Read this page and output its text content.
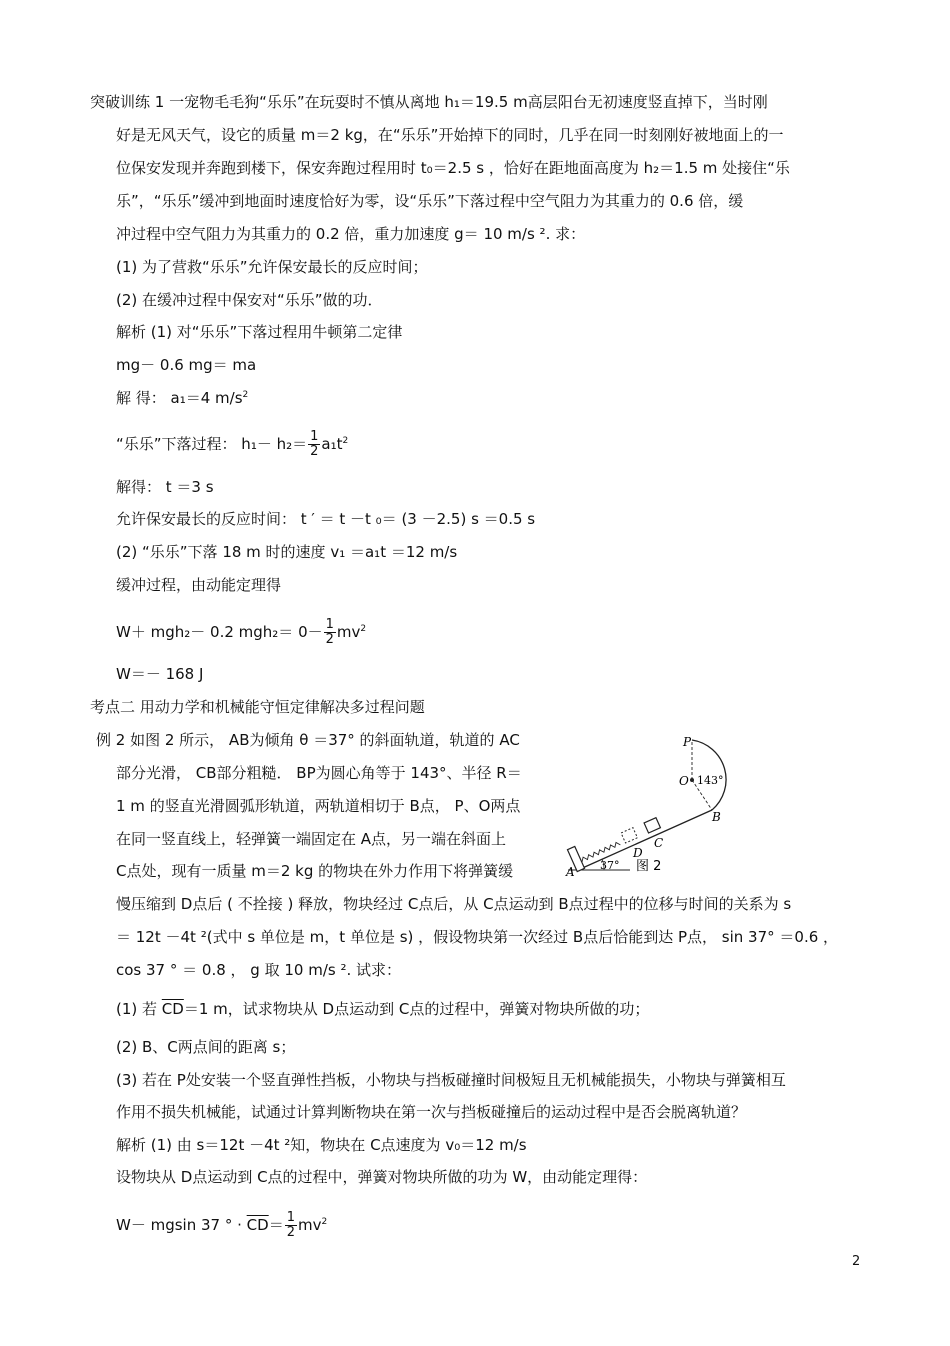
突破训练 1 一宠物毛毛狗“乐乐”在玩耍时不慎从离地 h₁＝19.5 m高层阳台无初速度竖直掉下，当时刚
好是无风天气，设它的质量 m＝2 kg，在“乐乐”开始掉下的同时，几乎在同一时刻刚好被地面上的一
位保安发现并奔跑到楼下，保安奔跑过程用时 t₀＝2.5 s ，恰好在距地面高度为 h₂＝1.5 m 处接住“乐
乐”，“乐乐”缓冲到地面时速度恰好为零，设“乐乐”下落过程中空气阻力为其重力的 0.6 倍，缓
冲过程中空气阻力为其重力的 0.2 倍，重力加速度 g＝ 10 m/s ². 求：
(1) 为了营救“乐乐”允许保安最长的反应时间；
(2) 在缓冲过程中保安对“乐乐”做的功．
解析 (1) 对“乐乐”下落过程用牛顿第二定律
mg－ 0.6 mg＝ ma
解 得： a₁＝4 $m/s^2$
“乐乐”下落过程： $h_1- h_2= \frac{1}{2} a_1t^2$
解得： t ＝3 s
允许保安最长的反应时间： t ′ ＝ t －t ₀＝ (3 －2.5) s ＝0.5 s
(2) “乐乐”下落 18 m 时的速度 v₁ ＝a₁t ＝12 m/s
缓冲过程，由动能定理得
W＋ mgh₂－ 0.2 $mgh_2= 0- \frac{1}{2} mv^2$
W＝－ 168 J
考点二 用动力学和机械能守恒定律解决多过程问题
例 2 如图 2 所示， AB为倾角 θ ＝37° 的斜面轨道，轨道的 AC
部分光滑， CB部分粗糙． BP为圆心角等于 143°、半径 R＝
1 m 的竖直光滑圆弧形轨道，两轨道相切于 B点， P、O两点
在同一竖直线上，轻弹簧一端固定在 A点，另一端在斜面上
C点处，现有一质量 m＝2 kg 的物块在外力作用下将弹簧缓
慢压缩到 D点后 ( 不拴接 ) 释放，物块经过 C点后，从 C点运动到 B点过程中的位移与时间的关系为 s
＝ 12t －4t ²(式中 s 单位是 m，t 单位是 s) ，假设物块第一次经过 B点后恰能到达 P点， sin 37° ＝0.6 ，
cos 37 ° ＝ 0.8 ， g 取 10 m/s ². 试求：
(1) 若 $\overline{CD}=1$ m，试求物块从 D点运动到 C点的过程中，弹簧对物块所做的功；
(2) B、C两点间的距离 s；
(3) 若在 P处安装一个竖直弹性挡板，小物块与挡板碰撞时间极短且无机械能损失，小物块与弹簧相互
作用不损失机械能，试通过计算判断物块在第一次与挡板碰撞后的运动过程中是否会脱离轨道？
解析 (1) 由 s＝12t －4t ²知，物块在 C点速度为 v₀＝12 m/s
设物块从 D点运动到 C点的过程中，弹簧对物块所做的功为 W，由动能定理得：
W－ mgsin 37 ° · $\overline{CD}= \frac{1}{2} mv^2$
P
O 143°
B
C
D
A 37° 图 2
2
